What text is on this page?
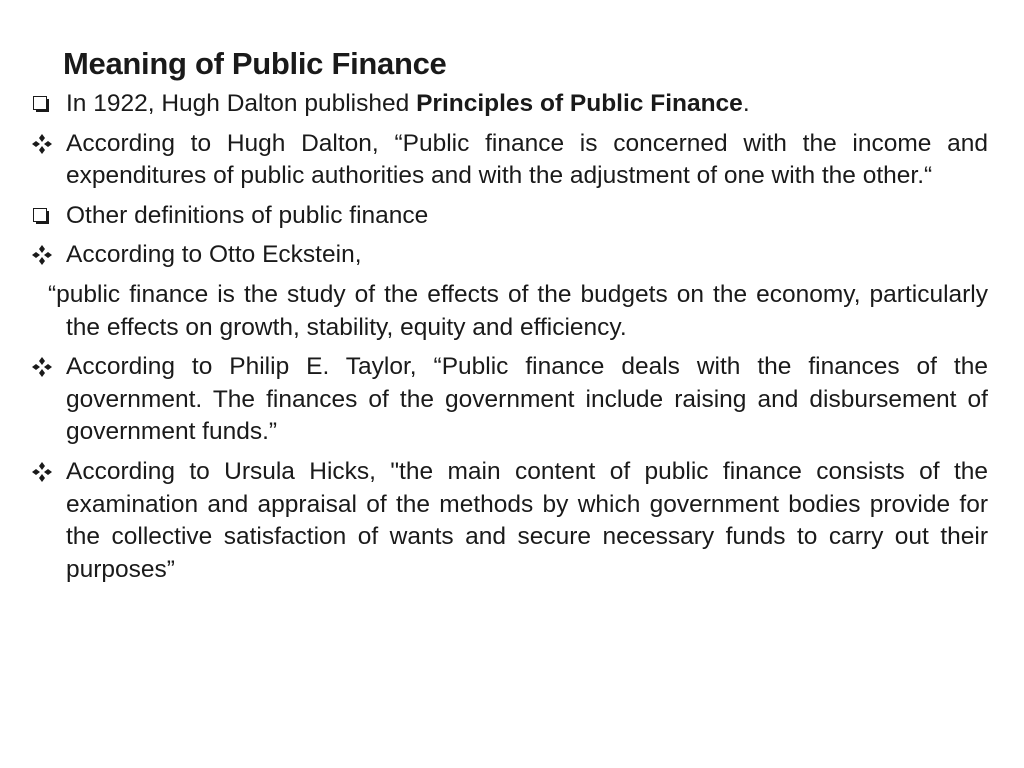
Meaning of Public Finance
In 1922, Hugh Dalton published Principles of Public Finance.
According to Hugh Dalton, “Public finance is concerned with the income and expenditures of public authorities and with the adjustment of one with the other.“
Other definitions of public finance
According to Otto Eckstein,
“public finance is the study of the effects of the budgets on the economy, particularly the effects on growth, stability, equity and efficiency.
According to Philip E. Taylor, “Public finance deals with the finances of the government. The finances of the government include raising and disbursement of government funds.”
According to Ursula Hicks, "the main content of public finance consists of the examination and appraisal of the methods by which government bodies provide for the collective satisfaction of wants and secure necessary funds to carry out their purposes”
